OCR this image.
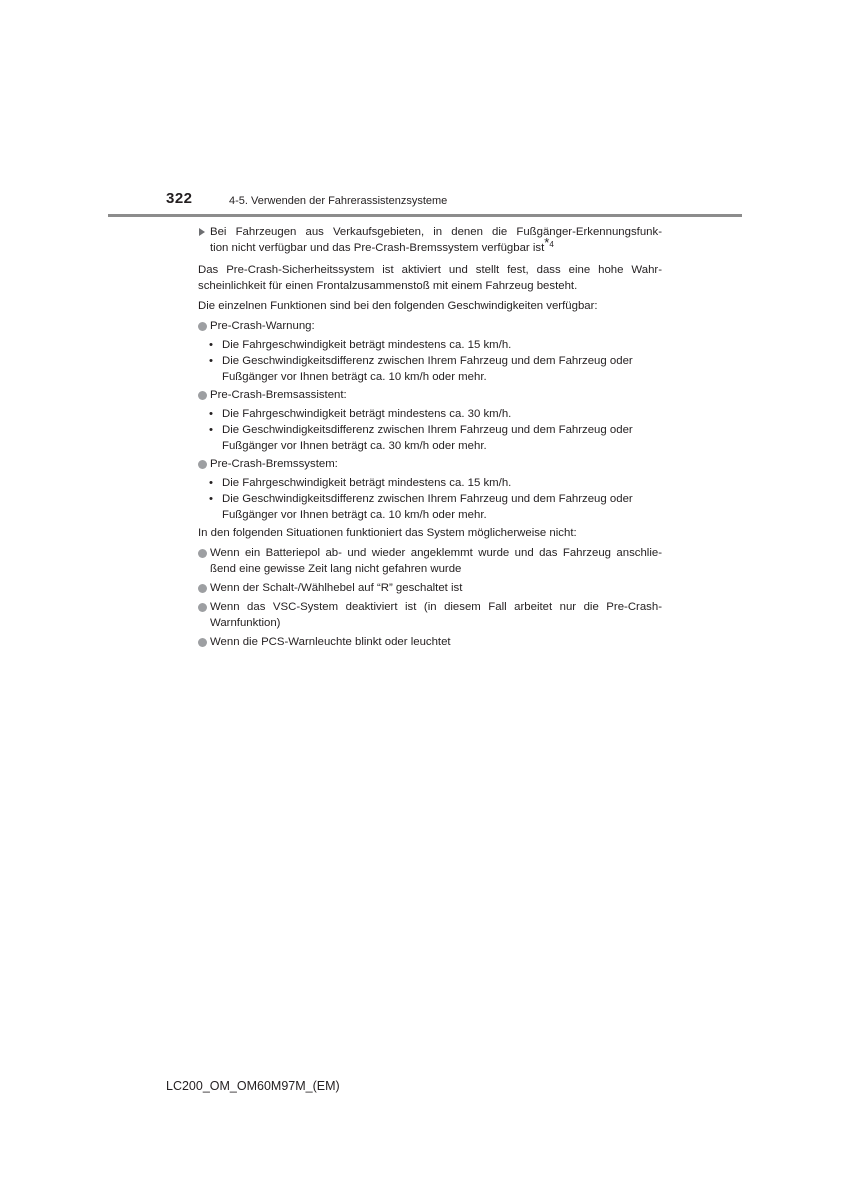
322	4-5. Verwenden der Fahrerassistenzsysteme
Bei Fahrzeugen aus Verkaufsgebieten, in denen die Fußgänger-Erkennungsfunk-
tion nicht verfügbar und das Pre-Crash-Bremssystem verfügbar ist*4
Das Pre-Crash-Sicherheitssystem ist aktiviert und stellt fest, dass eine hohe Wahr-
scheinlichkeit für einen Frontalzusammenstoß mit einem Fahrzeug besteht.
Die einzelnen Funktionen sind bei den folgenden Geschwindigkeiten verfügbar:
Pre-Crash-Warnung:
• Die Fahrgeschwindigkeit beträgt mindestens ca. 15 km/h.
• Die Geschwindigkeitsdifferenz zwischen Ihrem Fahrzeug und dem Fahrzeug oder
Fußgänger vor Ihnen beträgt ca. 10 km/h oder mehr.
Pre-Crash-Bremsassistent:
• Die Fahrgeschwindigkeit beträgt mindestens ca. 30 km/h.
• Die Geschwindigkeitsdifferenz zwischen Ihrem Fahrzeug und dem Fahrzeug oder
Fußgänger vor Ihnen beträgt ca. 30 km/h oder mehr.
Pre-Crash-Bremssystem:
• Die Fahrgeschwindigkeit beträgt mindestens ca. 15 km/h.
• Die Geschwindigkeitsdifferenz zwischen Ihrem Fahrzeug und dem Fahrzeug oder
Fußgänger vor Ihnen beträgt ca. 10 km/h oder mehr.
In den folgenden Situationen funktioniert das System möglicherweise nicht:
Wenn ein Batteriepol ab- und wieder angeklemmt wurde und das Fahrzeug anschlie-
ßend eine gewisse Zeit lang nicht gefahren wurde
Wenn der Schalt-/Wählhebel auf “R” geschaltet ist
Wenn das VSC-System deaktiviert ist (in diesem Fall arbeitet nur die Pre-Crash-
Warnfunktion)
Wenn die PCS-Warnleuchte blinkt oder leuchtet
LC200_OM_OM60M97M_(EM)
